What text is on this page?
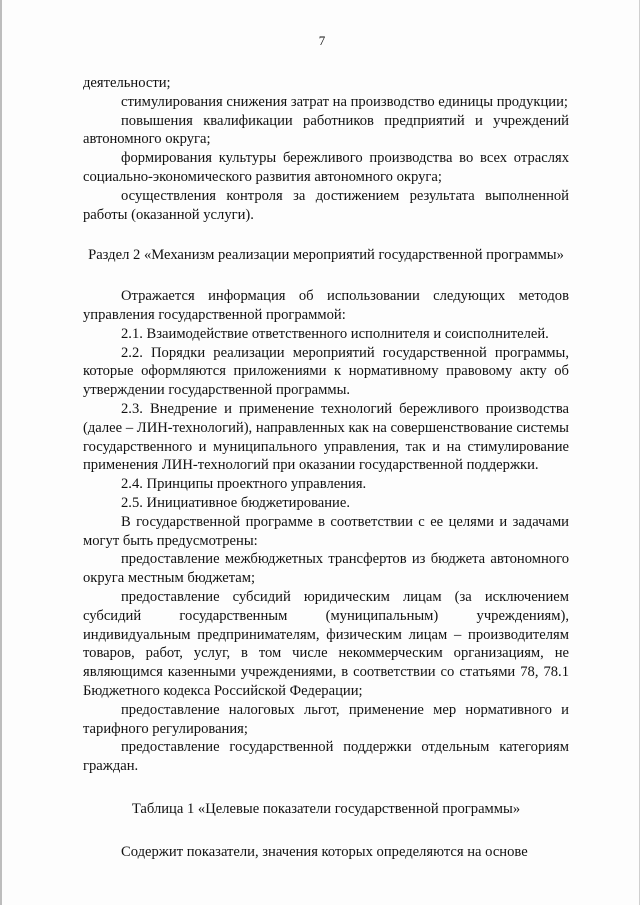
7

деятельности;

стимулирования снижения затрат на производство единицы продукции;

повышения квалификации работников предприятий и учреждений автономного округа;

формирования культуры бережливого производства во всех отраслях социально-экономического развития автономного округа;

осуществления контроля за достижением результата выполненной работы (оказанной услуги).

Раздел 2 «Механизм реализации мероприятий государственной программы»

Отражается информация об использовании следующих методов управления государственной программой:

2.1. Взаимодействие ответственного исполнителя и соисполнителей.

2.2. Порядки реализации мероприятий государственной программы, которые оформляются приложениями к нормативному правовому акту об утверждении государственной программы.

2.3. Внедрение и применение технологий бережливого производства (далее – ЛИН-технологий), направленных как на совершенствование системы государственного и муниципального управления, так и на стимулирование применения ЛИН-технологий при оказании государственной поддержки.

2.4. Принципы проектного управления.

2.5. Инициативное бюджетирование.

В государственной программе в соответствии с ее целями и задачами могут быть предусмотрены:

предоставление межбюджетных трансфертов из бюджета автономного округа местным бюджетам;

предоставление субсидий юридическим лицам (за исключением субсидий государственным (муниципальным) учреждениям), индивидуальным предпринимателям, физическим лицам – производителям товаров, работ, услуг, в том числе некоммерческим организациям, не являющимся казенными учреждениями, в соответствии со статьями 78, 78.1 Бюджетного кодекса Российской Федерации;

предоставление налоговых льгот, применение мер нормативного и тарифного регулирования;

предоставление государственной поддержки отдельным категориям граждан.

Таблица 1 «Целевые показатели государственной программы»

Содержит показатели, значения которых определяются на основе
